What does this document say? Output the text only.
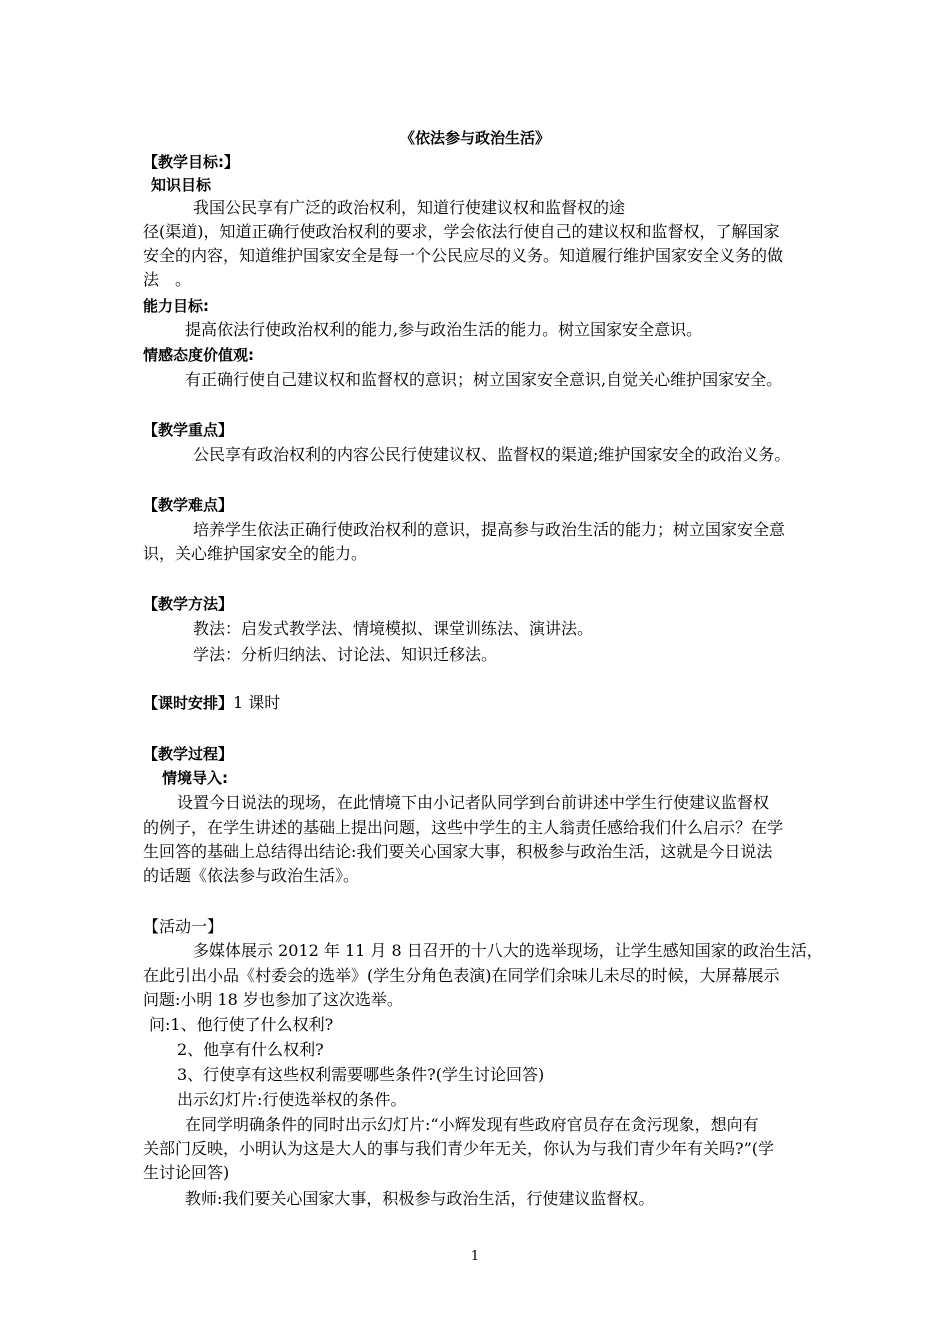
《依法参与政治生活》
【教学目标:】
知识目标
我国公民享有广泛的政治权利，知道行使建议权和监督权的途
径(渠道)，知道正确行使政治权利的要求，学会依法行使自己的建议权和监督权，了解国家
安全的内容，知道维护国家安全是每一个公民应尽的义务。知道履行维护国家安全义务的做
法　。
能力目标:
提高依法行使政治权利的能力,参与政治生活的能力。树立国家安全意识。
情感态度价值观:
有正确行使自己建议权和监督权的意识；树立国家安全意识,自觉关心维护国家安全。
【教学重点】
公民享有政治权利的内容公民行使建议权、监督权的渠道;维护国家安全的政治义务。
【教学难点】
培养学生依法正确行使政治权利的意识，提高参与政治生活的能力；树立国家安全意
识，关心维护国家安全的能力。
【教学方法】
教法：启发式教学法、情境模拟、课堂训练法、演讲法。
学法：分析归纳法、讨论法、知识迁移法。
【课时安排】1 课时
【教学过程】
情境导入:
设置今日说法的现场，在此情境下由小记者队同学到台前讲述中学生行使建议监督权
的例子，在学生讲述的基础上提出问题，这些中学生的主人翁责任感给我们什么启示？在学
生回答的基础上总结得出结论:我们要关心国家大事，积极参与政治生活，这就是今日说法
的话题《依法参与政治生活》。
【活动一】
多媒体展示 2012 年 11 月 8 日召开的十八大的选举现场，让学生感知国家的政治生活，
在此引出小品《村委会的选举》(学生分角色表演)在同学们余味儿未尽的时候，大屏幕展示
问题:小明 18 岁也参加了这次选举。
问:1、他行使了什么权利?
2、他享有什么权利?
3、行使享有这些权利需要哪些条件?(学生讨论回答)
出示幻灯片:行使选举权的条件。
在同学明确条件的同时出示幻灯片:“小辉发现有些政府官员存在贪污现象，想向有
关部门反映，小明认为这是大人的事与我们青少年无关，你认为与我们青少年有关吗?”(学
生讨论回答)
教师:我们要关心国家大事，积极参与政治生活，行使建议监督权。
1
